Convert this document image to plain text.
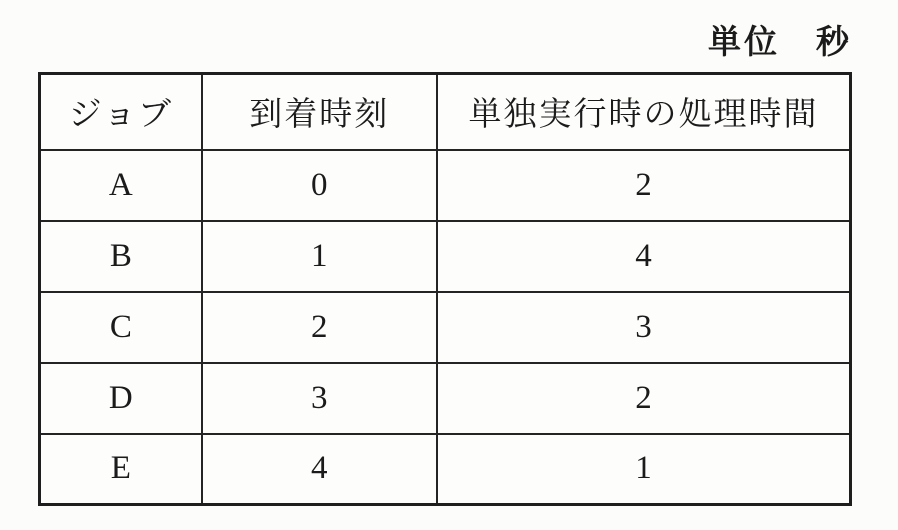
単位　秒
ジョブ	到着時刻	単独実行時の処理時間
A	0	2
B	1	4
C	2	3
D	3	2
E	4	1
